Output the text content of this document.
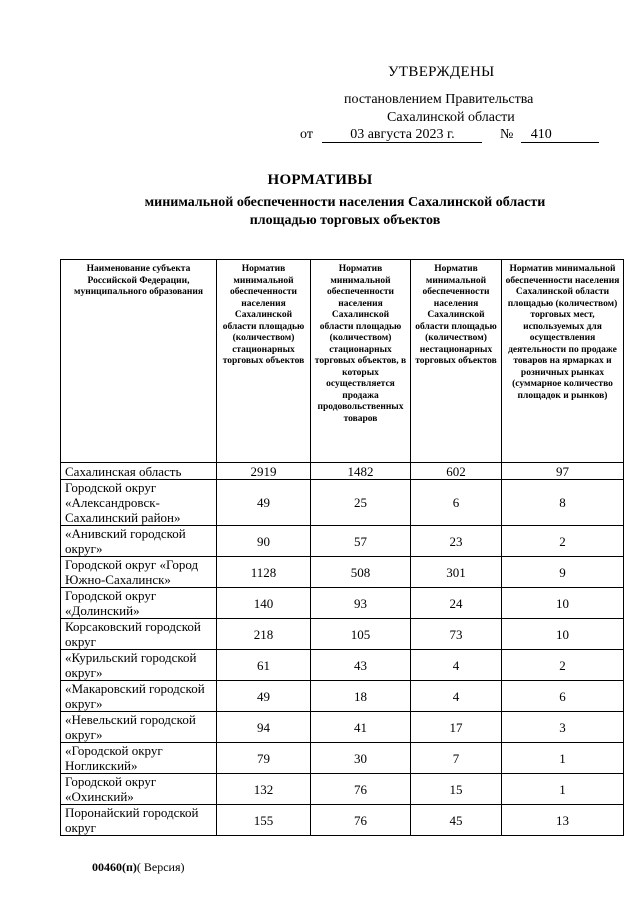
УТВЕРЖДЕНЫ
постановлением Правительства
Сахалинской области
от	03 августа 2023 г.	№ 410
НОРМАТИВЫ
минимальной обеспеченности населения Сахалинской области
площадью торговых объектов
Наименование субъекта Российской Федерации, муниципального образования	Норматив минимальной обеспеченности населения Сахалинской области площадью (количеством) стационарных торговых объектов	Норматив минимальной обеспеченности населения Сахалинской области площадью (количеством) стационарных торговых объектов, в которых осуществляется продажа продовольственных товаров	Норматив минимальной обеспеченности населения Сахалинской области площадью (количеством) нестационарных торговых объектов	Норматив минимальной обеспеченности населения Сахалинской области площадью (количеством) торговых мест, используемых для осуществления деятельности по продаже товаров на ярмарках и розничных рынках (суммарное количество площадок и рынков)
Сахалинская область	2919	1482	602	97
Городской округ «Александровск-Сахалинский район»	49	25	6	8
«Анивский городской округ»	90	57	23	2
Городской округ «Город Южно-Сахалинск»	1128	508	301	9
Городской округ «Долинский»	140	93	24	10
Корсаковский городской округ	218	105	73	10
«Курильский городской округ»	61	43	4	2
«Макаровский городской округ»	49	18	4	6
«Невельский городской округ»	94	41	17	3
«Городской округ Ногликский»	79	30	7	1
Городской округ «Охинский»	132	76	15	1
Поронайский городской округ	155	76	45	13
00460(п)( Версия)
